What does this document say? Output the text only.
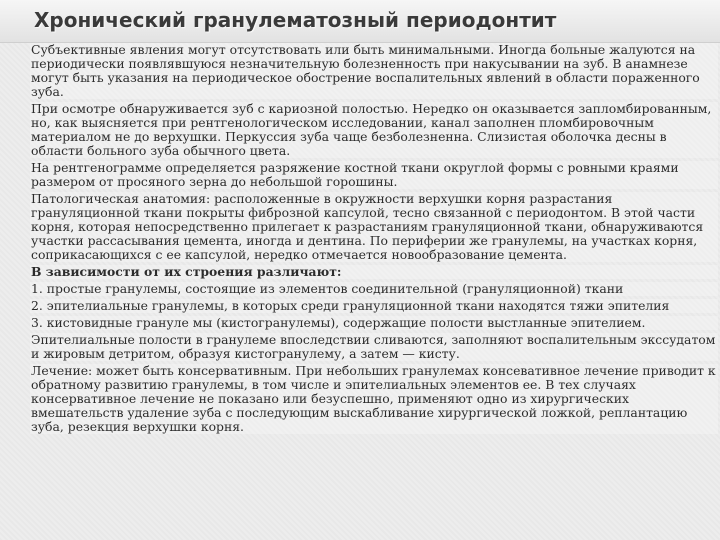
Хронический гранулематозный периодонтит

Субъективные явления могут отсутствовать или быть минимальными. Иногда больные жалуются на периодически появлявшуюся незначительную болезненность при накусывании на зуб. В анамнезе могут быть указания на периодическое обострение воспалительных явлений в области пораженного зуба.

При осмотре обнаруживается зуб с кариозной полостью. Нередко он оказывается запломбированным, но, как выясняется при рентгенологическом исследовании, канал заполнен пломбировочным материалом не до верхушки. Перкуссия зуба чаще безболезненна. Слизистая оболочка десны в области больного зуба обычного цвета.

На рентгенограмме определяется разряжение костной ткани округлой формы с ровными краями размером от просяного зерна до небольшой горошины.

Патологическая анатомия: расположенные в окружности верхушки корня разрастания грануляционной ткани покрыты фиброзной капсулой, тесно связанной с периодонтом. В этой части корня, которая непосредственно прилегает к разрастаниям грануляционной ткани, обнаруживаются участки рассасывания цемента, иногда и дентина. По периферии же гранулемы, на участках корня, соприкасающихся с ее капсулой, нередко отмечается новообразование цемента.

В зависимости от их строения различают:

1. простые гранулемы, состоящие из элементов соединительной (грануляционной) ткани

2. эпителиальные гранулемы, в которых среди грануляционной ткани находятся тяжи эпителия

3. кистовидные грануле мы (кистогранулемы), содержащие полости выстланные эпителием.

Эпителиальные полости в гранулеме впоследствии сливаются, заполняют воспалительным экссудатом и жировым детритом, образуя кистогранулему, а затем — кисту.

Лечение: может быть консервативным. При небольших гранулемах консевативное лечение приводит к обратному развитию гранулемы, в том числе и эпителиальных элементов ее. В тех случаях консервативное лечение не показано или безуспешно, применяют одно из хирургических вмешательств удаление зуба с последующим выскабливание хирургической ложкой, реплантацию зуба, резекция верхушки корня.
